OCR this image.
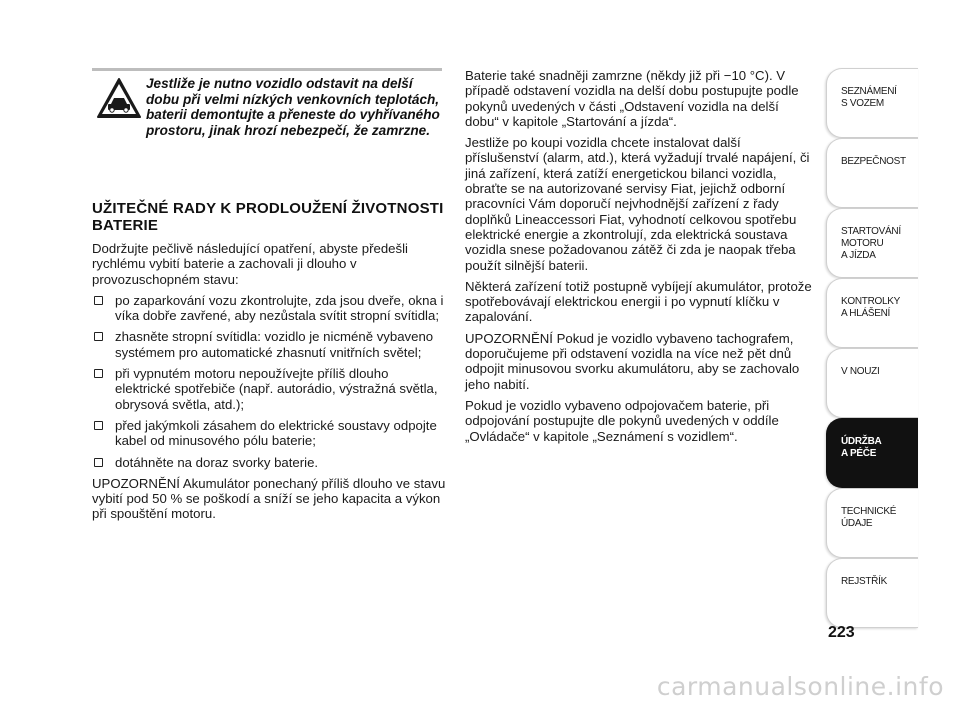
Jestliže je nutno vozidlo odstavit na delší dobu při velmi nízkých venkovních teplotách, baterii demontujte a přeneste do vyhřívaného prostoru, jinak hrozí nebezpečí, že zamrzne.
UŽITEČNÉ RADY K PRODLOUŽENÍ ŽIVOTNOSTI BATERIE

Dodržujte pečlivě následující opatření, abyste předešli rychlému vybití baterie a zachovali ji dlouho v provozuschopném stavu:

po zaparkování vozu zkontrolujte, zda jsou dveře, okna i víka dobře zavřené, aby nezůstala svítit stropní svítidla;
zhasněte stropní svítidla: vozidlo je nicméně vybaveno systémem pro automatické zhasnutí vnitřních světel;
při vypnutém motoru nepoužívejte příliš dlouho elektrické spotřebiče (např. autorádio, výstražná světla, obrysová světla, atd.);
před jakýmkoli zásahem do elektrické soustavy odpojte kabel od minusového pólu baterie;
dotáhněte na doraz svorky baterie.

UPOZORNĚNÍ Akumulátor ponechaný příliš dlouho ve stavu vybití pod 50 % se poškodí a sníží se jeho kapacita a výkon při spouštění motoru.

Baterie také snadněji zamrzne (někdy již při −10 °C). V případě odstavení vozidla na delší dobu postupujte podle pokynů uvedených v části „Odstavení vozidla na delší dobu“ v kapitole „Startování a jízda“.

Jestliže po koupi vozidla chcete instalovat další příslušenství (alarm, atd.), která vyžadují trvalé napájení, či jiná zařízení, která zatíží energetickou bilanci vozidla, obraťte se na autorizované servisy Fiat, jejichž odborní pracovníci Vám doporučí nejvhodnější zařízení z řady doplňků Lineaccessori Fiat, vyhodnotí celkovou spotřebu elektrické energie a zkontrolují, zda elektrická soustava vozidla snese požadovanou zátěž či zda je naopak třeba použít silnější baterii.

Některá zařízení totiž postupně vybíjejí akumulátor, protože spotřebovávají elektrickou energii i po vypnutí klíčku v zapalování.

UPOZORNĚNÍ Pokud je vozidlo vybaveno tachografem, doporučujeme při odstavení vozidla na více než pět dnů odpojit minusovou svorku akumulátoru, aby se zachovalo jeho nabití.

Pokud je vozidlo vybaveno odpojovačem baterie, při odpojování postupujte dle pokynů uvedených v oddíle „Ovládače“ v kapitole „Seznámení s vozidlem“.

SEZNÁMENÍ
S VOZEM
BEZPEČNOST
STARTOVÁNÍ
MOTORU
A JÍZDA
KONTROLKY
A HLÁŠENÍ
V NOUZI
ÚDRŽBA
A PÉČE
TECHNICKÉ
ÚDAJE
REJSTŘÍK
223
carmanualsonline.info
